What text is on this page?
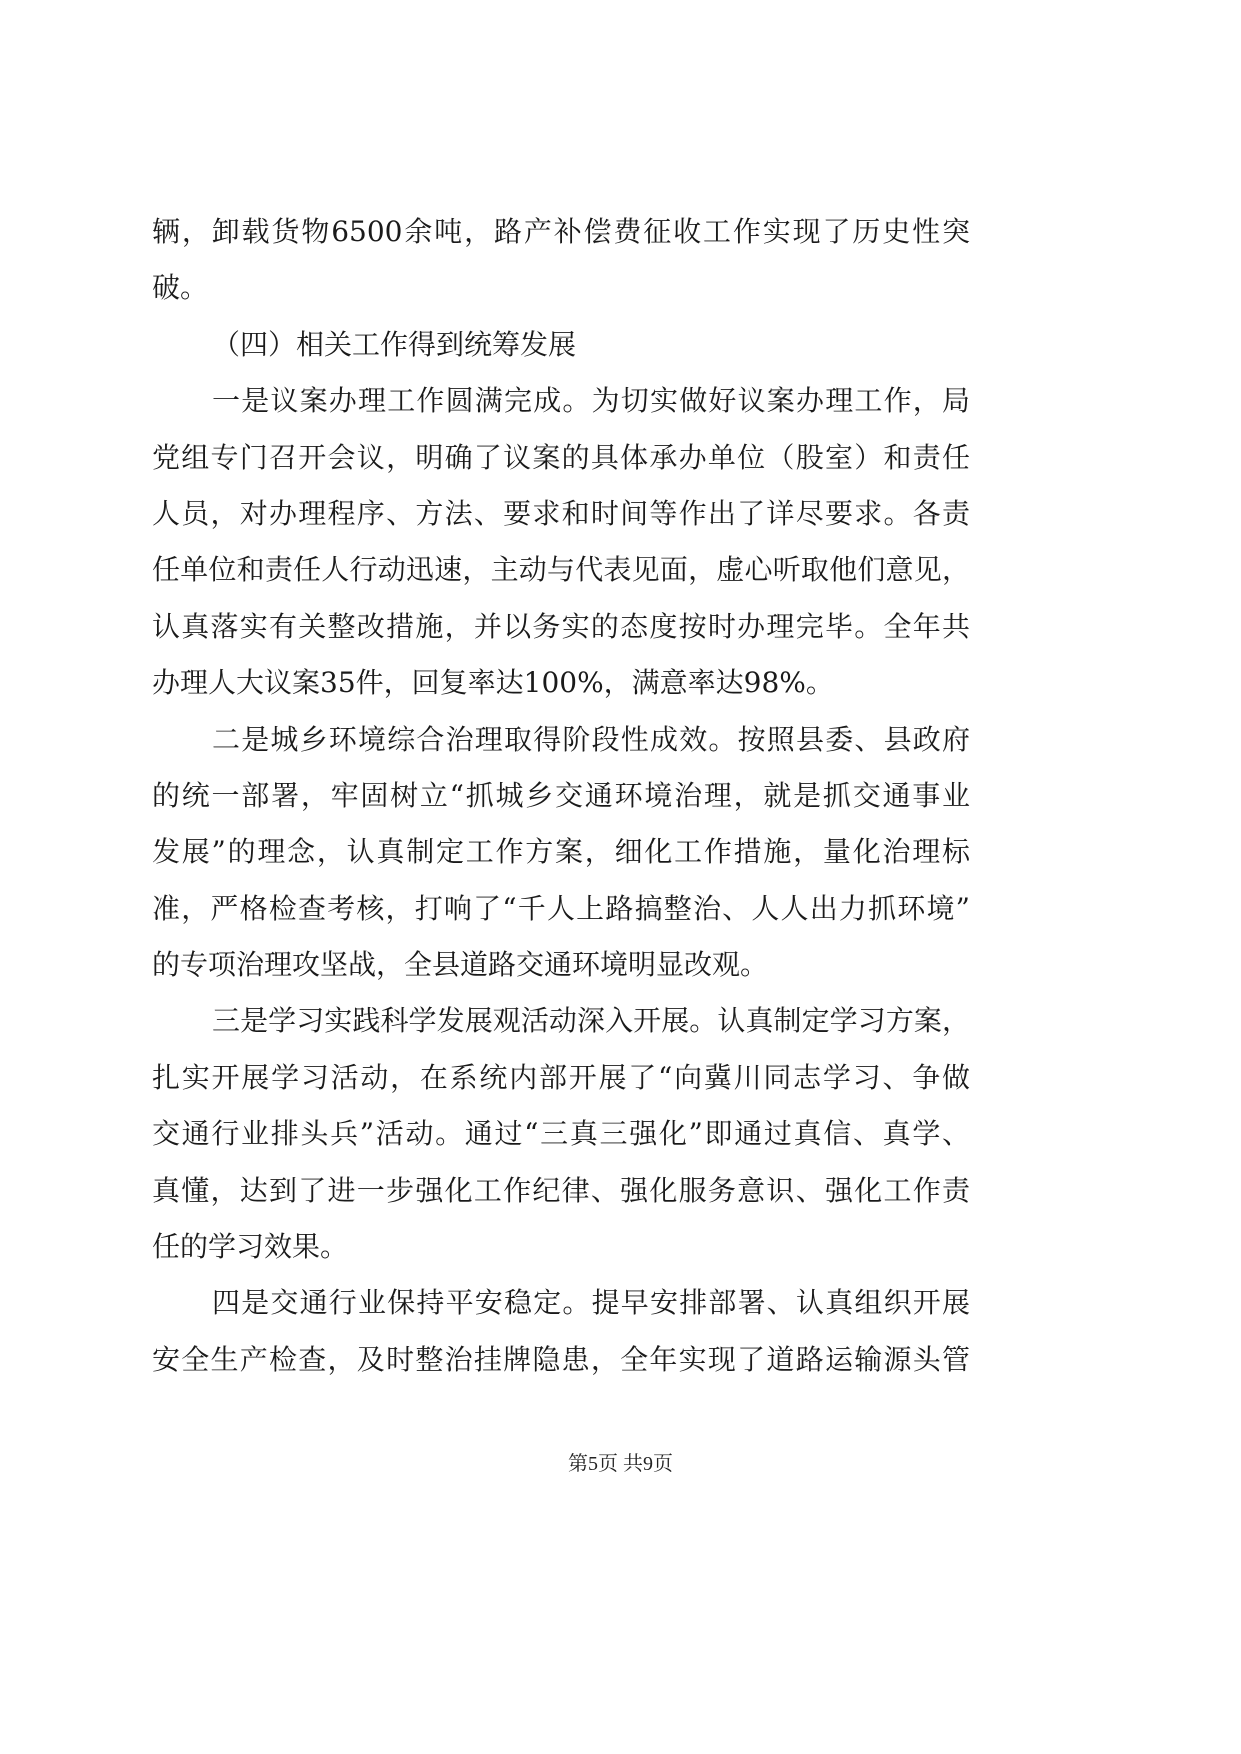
辆，卸载货物6500余吨，路产补偿费征收工作实现了历史性突
破。
（四）相关工作得到统筹发展
一是议案办理工作圆满完成。为切实做好议案办理工作，局
党组专门召开会议，明确了议案的具体承办单位（股室）和责任
人员，对办理程序、方法、要求和时间等作出了详尽要求。各责
任单位和责任人行动迅速，主动与代表见面，虚心听取他们意见，
认真落实有关整改措施，并以务实的态度按时办理完毕。全年共
办理人大议案35件，回复率达100%，满意率达98%。
二是城乡环境综合治理取得阶段性成效。按照县委、县政府
的统一部署，牢固树立“抓城乡交通环境治理，就是抓交通事业
发展”的理念，认真制定工作方案，细化工作措施，量化治理标
准，严格检查考核，打响了“千人上路搞整治、人人出力抓环境”
的专项治理攻坚战，全县道路交通环境明显改观。
三是学习实践科学发展观活动深入开展。认真制定学习方案，
扎实开展学习活动，在系统内部开展了“向冀川同志学习、争做
交通行业排头兵”活动。通过“三真三强化”即通过真信、真学、
真懂，达到了进一步强化工作纪律、强化服务意识、强化工作责
任的学习效果。
四是交通行业保持平安稳定。提早安排部署、认真组织开展
安全生产检查，及时整治挂牌隐患，全年实现了道路运输源头管
第5页 共9页
